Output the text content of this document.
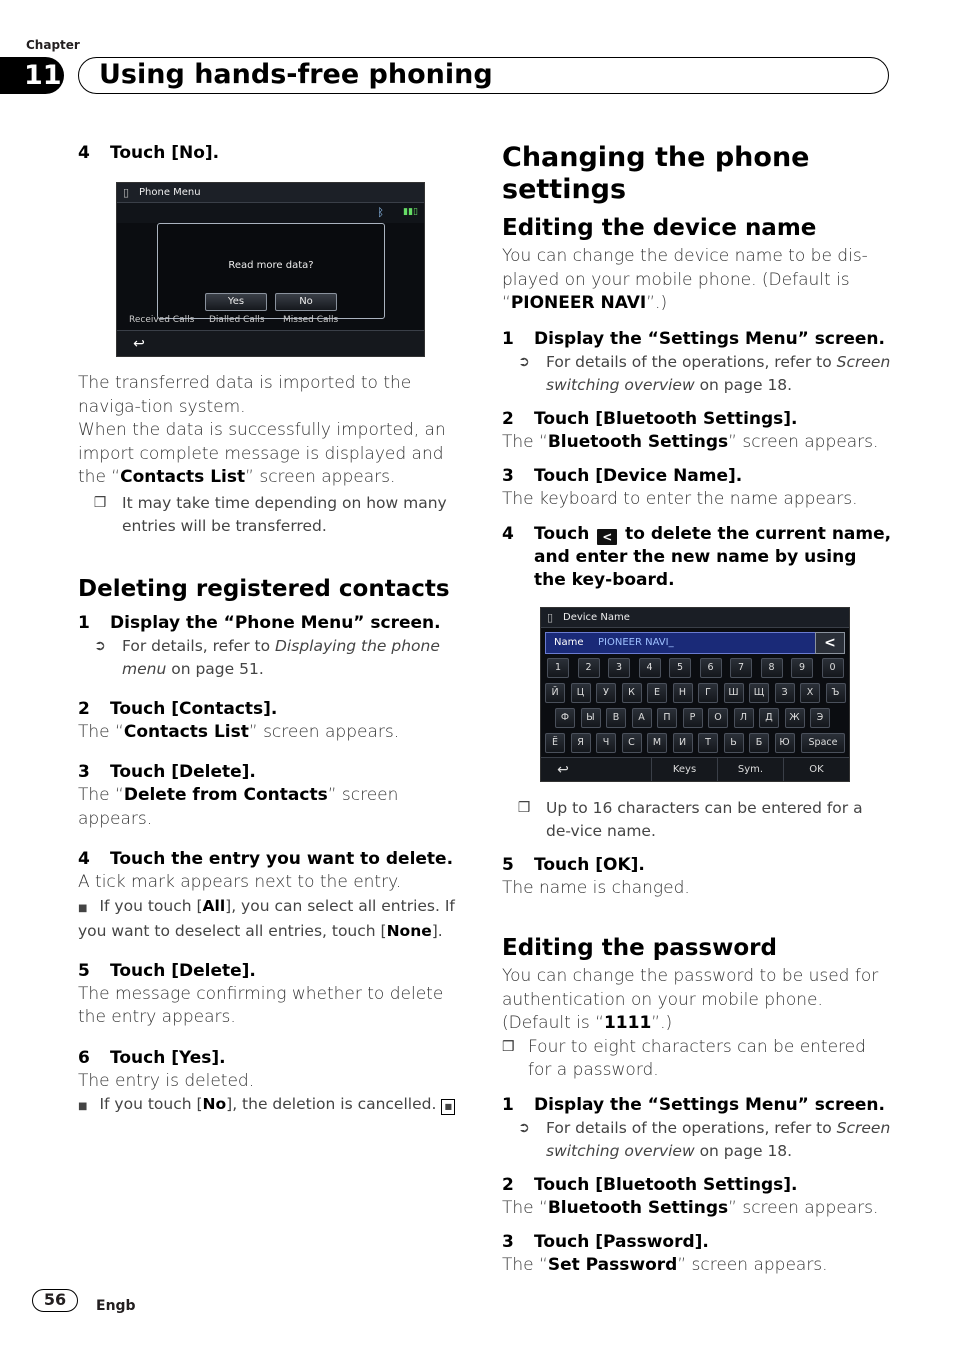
Chapter
11	Using hands-free phoning
4	Touch [No].
▯ Phone Menu
ᛒ ▮▮▯
Read more data?
Yes	No
Received Calls Dialled Calls Missed Calls
↩
The transferred data is imported to the naviga-tion system.
When the data is successfully imported, an import complete message is displayed and the “Contacts List” screen appears.
❒	It may take time depending on how many entries will be transferred.
Deleting registered contacts
1	Display the “Phone Menu” screen.
➲	For details, refer to Displaying the phone menu on page 51.
2	Touch [Contacts].
The “Contacts List” screen appears.
3	Touch [Delete].
The “Delete from Contacts” screen appears.
4	Touch the entry you want to delete.
A tick mark appears next to the entry.
■ If you touch [All], you can select all entries. If
you want to deselect all entries, touch [None].
5	Touch [Delete].
The message confirming whether to delete the entry appears.
6	Touch [Yes].
The entry is deleted.
■ If you touch [No], the deletion is cancelled. ■
Changing the phone settings
Editing the device name
You can change the device name to be dis-played on your mobile phone. (Default is “PIONEER NAVI”.)
1	Display the “Settings Menu” screen.
➲	For details of the operations, refer to Screen switching overview on page 18.
2	Touch [Bluetooth Settings].
The “Bluetooth Settings” screen appears.
3	Touch [Device Name].
The keyboard to enter the name appears.
4	Touch < to delete the current name, and enter the new name by using the key-board.
▯ Device Name
Name PIONEER NAVI_	<
1	2	3	4	5	6	7	8	9	0
Й	Ц	У	К	Е	Н	Г	Ш	Щ	З	Х	Ъ
Ф	Ы	В	А	П	Р	О	Л	Д	Ж	Э
Ё	Я	Ч	С	М	И	Т	Ь	Б	Ю	Space
↩	Keys	Sym.	OK
❒	Up to 16 characters can be entered for a de-vice name.
5	Touch [OK].
The name is changed.
Editing the password
You can change the password to be used for authentication on your mobile phone. (Default is “1111”.)
❒ Four to eight characters can be entered for a password.
1	Display the “Settings Menu” screen.
➲	For details of the operations, refer to Screen switching overview on page 18.
2	Touch [Bluetooth Settings].
The “Bluetooth Settings” screen appears.
3	Touch [Password].
The “Set Password” screen appears.
56	Engb
